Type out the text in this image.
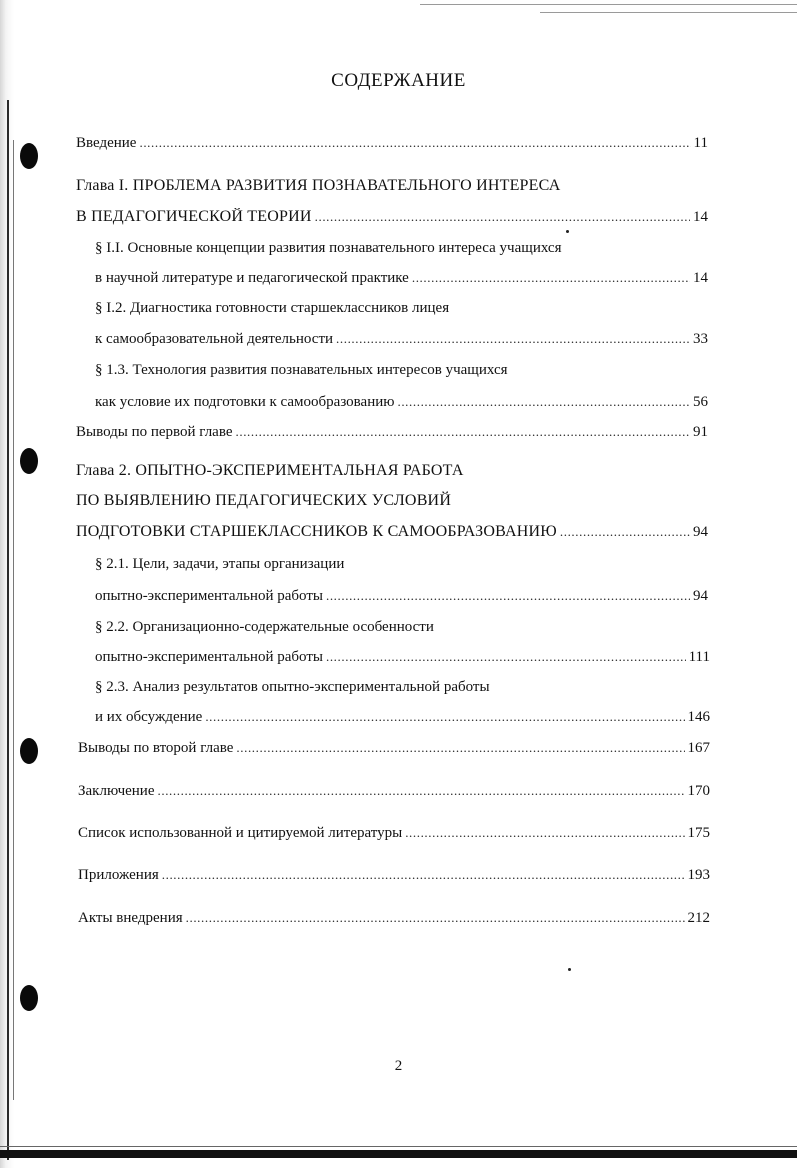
СОДЕРЖАНИЕ
Введение .....	11
Глава I. ПРОБЛЕМА РАЗВИТИЯ ПОЗНАВАТЕЛЬНОГО ИНТЕРЕСА
В ПЕДАГОГИЧЕСКОЙ ТЕОРИИ .....	14
§ I.I. Основные концепции развития познавательного интереса учащихся
в научной литературе и педагогической практике .....	14
§ I.2. Диагностика готовности старшеклассников лицея
к самообразовательной деятельности .....	33
§ 1.3. Технология развития познавательных интересов учащихся
как условие их подготовки к самообразованию .....	56
Выводы по первой главе .....	91
Глава 2. ОПЫТНО-ЭКСПЕРИМЕНТАЛЬНАЯ РАБОТА
ПО ВЫЯВЛЕНИЮ ПЕДАГОГИЧЕСКИХ УСЛОВИЙ
ПОДГОТОВКИ СТАРШЕКЛАССНИКОВ К САМООБРАЗОВАНИЮ .....	94
§ 2.1. Цели, задачи, этапы организации
опытно-экспериментальной работы .....	94
§ 2.2. Организационно-содержательные особенности
опытно-экспериментальной работы .....	111
§ 2.3. Анализ результатов опытно-экспериментальной работы
и их обсуждение .....	146
Выводы по второй главе .....	167
Заключение .....	170
Список использованной и цитируемой литературы .....	175
Приложения .....	193
Акты внедрения .....	212
2
